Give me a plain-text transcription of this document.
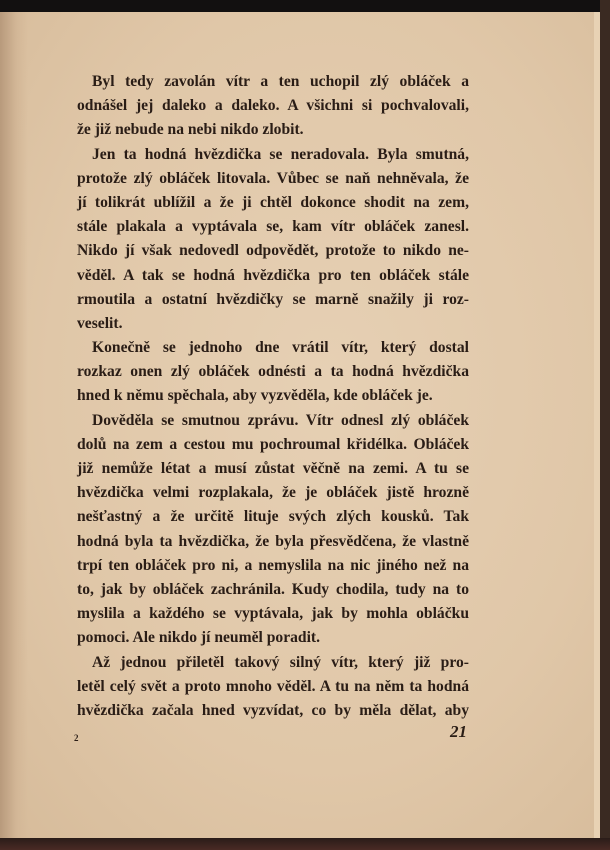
Byl tedy zavolán vítr a ten uchopil zlý obláček a
odnášel jej daleko a daleko. A všichni si pochvalovali,
že již nebude na nebi nikdo zlobit.
Jen ta hodná hvězdička se neradovala. Byla smutná,
protože zlý obláček litovala. Vůbec se naň nehněvala, že
jí tolikrát ublížil a že ji chtěl dokonce shodit na zem,
stále plakala a vyptávala se, kam vítr obláček zanesl.
Nikdo jí však nedovedl odpovědět, protože to nikdo ne-
věděl. A tak se hodná hvězdička pro ten obláček stále
rmoutila a ostatní hvězdičky se marně snažily ji roz-
veselit.
Konečně se jednoho dne vrátil vítr, který dostal
rozkaz onen zlý obláček odnésti a ta hodná hvězdička
hned k němu spěchala, aby vyzvěděla, kde obláček je.
Dověděla se smutnou zprávu. Vítr odnesl zlý obláček
dolů na zem a cestou mu pochroumal křidélka. Obláček
již nemůže létat a musí zůstat věčně na zemi. A tu se
hvězdička velmi rozplakala, že je obláček jistě hrozně
nešťastný a že určitě lituje svých zlých kousků. Tak
hodná byla ta hvězdička, že byla přesvědčena, že vlastně
trpí ten obláček pro ni, a nemyslila na nic jiného než na
to, jak by obláček zachránila. Kudy chodila, tudy na to
myslila a každého se vyptávala, jak by mohla obláčku
pomoci. Ale nikdo jí neuměl poradit.
Až jednou přiletěl takový silný vítr, který již pro-
letěl celý svět a proto mnoho věděl. A tu na něm ta hodná
hvězdička začala hned vyzvídat, co by měla dělat, aby
2	21
